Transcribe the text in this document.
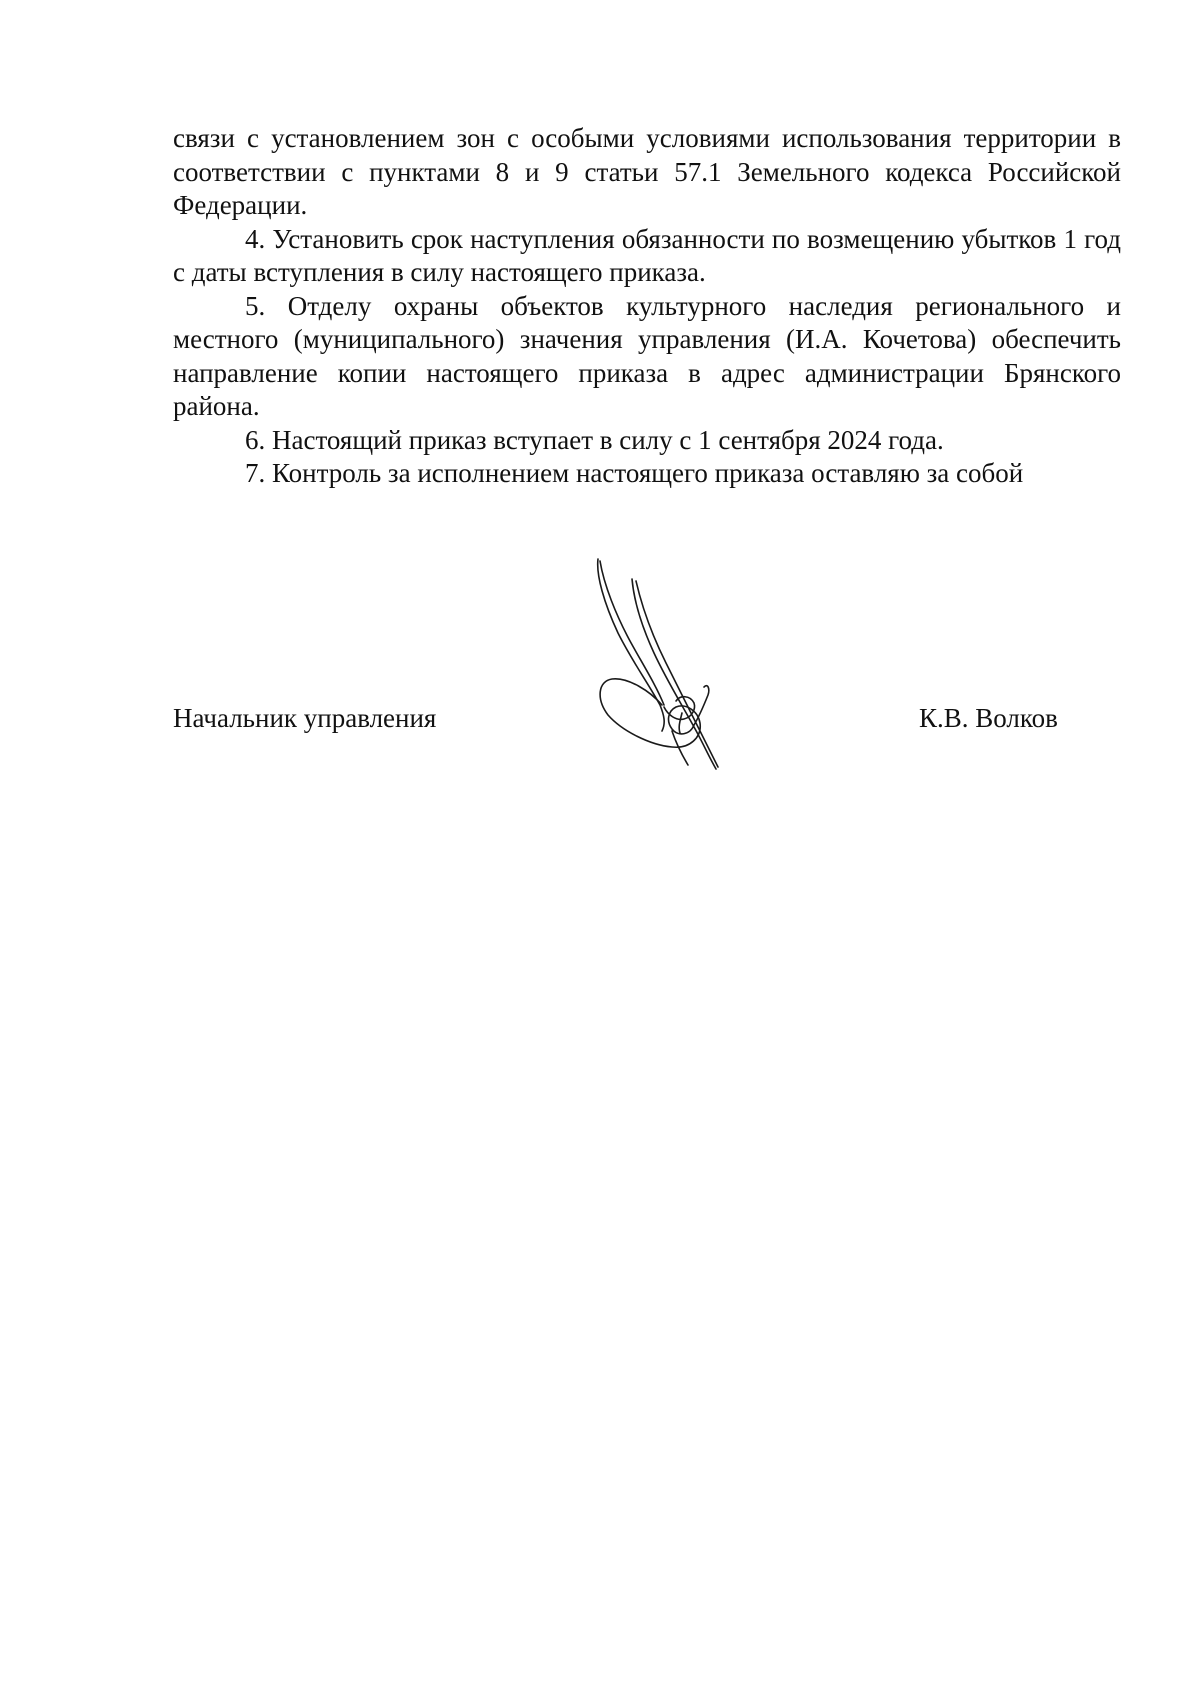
связи с установлением зон с особыми условиями использования территории в соответствии с пунктами 8 и 9 статьи 57.1 Земельного кодекса Российской Федерации.

4. Установить срок наступления обязанности по возмещению убытков 1 год с даты вступления в силу настоящего приказа.

5. Отделу охраны объектов культурного наследия регионального и местного (муниципального) значения управления (И.А. Кочетова) обеспечить направление копии настоящего приказа в адрес администрации Брянского района.

6. Настоящий приказ вступает в силу с 1 сентября 2024 года.

7. Контроль за исполнением настоящего приказа оставляю за собой

Начальник управления	К.В. Волков
